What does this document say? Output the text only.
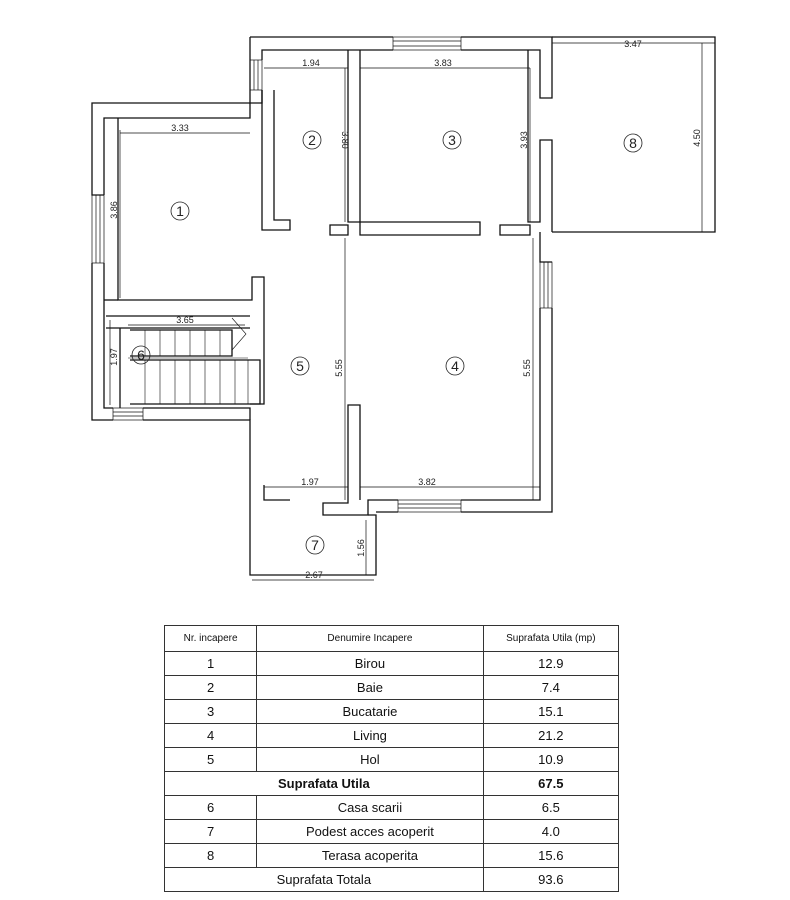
3.33
3.86
1.94
3.80
3.83
3.93
3.47
4.50
3.65
1.97
5.55
1.97
5.55
3.82
2.67
1.56
1
2	3
4
5
6
7
8
Nr. incapere	Denumire Incapere	Suprafata Utila (mp)
1	Birou	12.9
2	Baie	7.4
3	Bucatarie	15.1
4	Living	21.2
5	Hol	10.9
Suprafata Utila		67.5
6	Casa scarii	6.5
7	Podest acces acoperit	4.0
8	Terasa acoperita	15.6
Suprafata Totala		93.6
